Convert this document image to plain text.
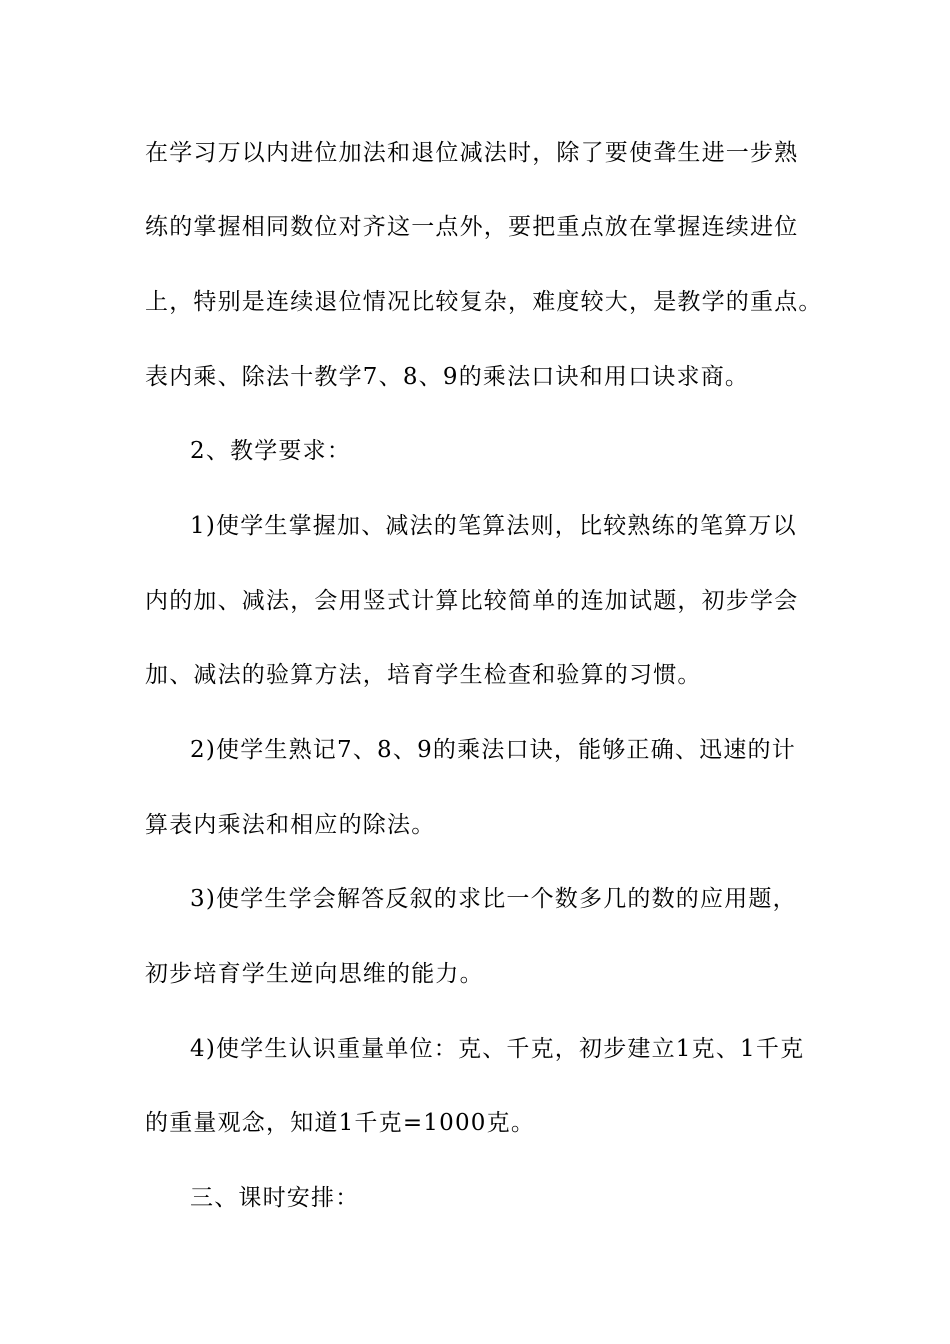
在学习万以内进位加法和退位减法时，除了要使聋生进一步熟
练的掌握相同数位对齐这一点外，要把重点放在掌握连续进位
上，特别是连续退位情况比较复杂，难度较大，是教学的重点。
表内乘、除法十教学7、8、9的乘法口诀和用口诀求商。
2、教学要求：
1)使学生掌握加、减法的笔算法则，比较熟练的笔算万以
内的加、减法，会用竖式计算比较简单的连加试题，初步学会
加、减法的验算方法，培育学生检查和验算的习惯。
2)使学生熟记7、8、9的乘法口诀，能够正确、迅速的计
算表内乘法和相应的除法。
3)使学生学会解答反叙的求比一个数多几的数的应用题，
初步培育学生逆向思维的能力。
4)使学生认识重量单位：克、千克，初步建立1克、1千克
的重量观念，知道1千克=1000克。
三、课时安排：
